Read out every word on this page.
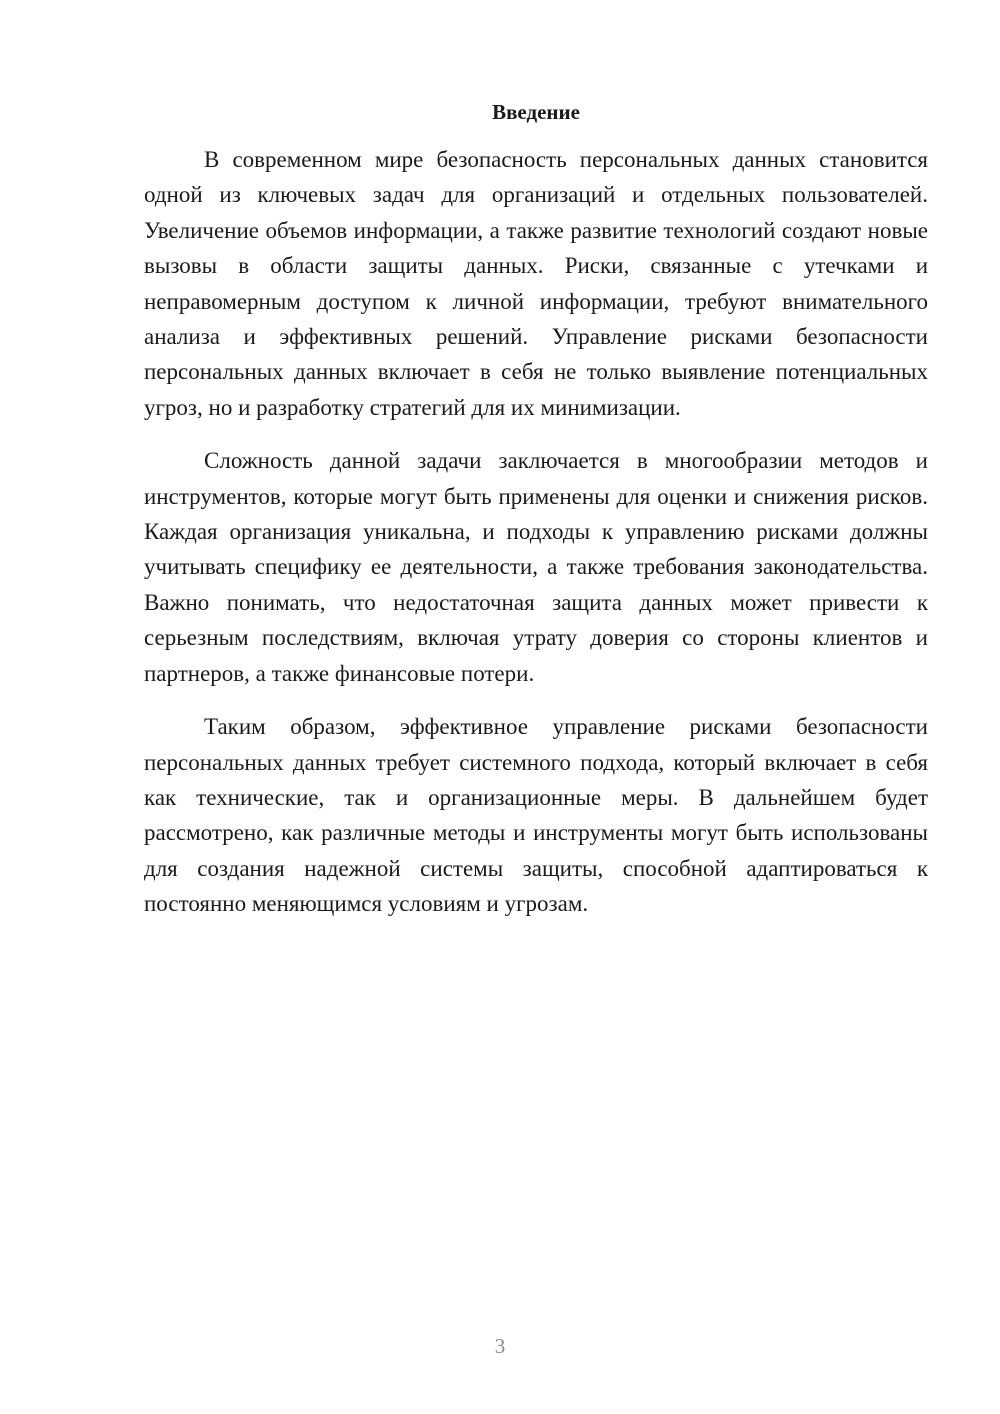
Введение

В современном мире безопасность персональных данных становится одной из ключевых задач для организаций и отдельных пользователей. Увеличение объемов информации, а также развитие технологий создают новые вызовы в области защиты данных. Риски, связанные с утечками и неправомерным доступом к личной информации, требуют внимательного анализа и эффективных решений. Управление рисками безопасности персональных данных включает в себя не только выявление потенциальных угроз, но и разработку стратегий для их минимизации.

Сложность данной задачи заключается в многообразии методов и инструментов, которые могут быть применены для оценки и снижения рисков. Каждая организация уникальна, и подходы к управлению рисками должны учитывать специфику ее деятельности, а также требования законодательства. Важно понимать, что недостаточная защита данных может привести к серьезным последствиям, включая утрату доверия со стороны клиентов и партнеров, а также финансовые потери.

Таким образом, эффективное управление рисками безопасности персональных данных требует системного подхода, который включает в себя как технические, так и организационные меры. В дальнейшем будет рассмотрено, как различные методы и инструменты могут быть использованы для создания надежной системы защиты, способной адаптироваться к постоянно меняющимся условиям и угрозам.

3
